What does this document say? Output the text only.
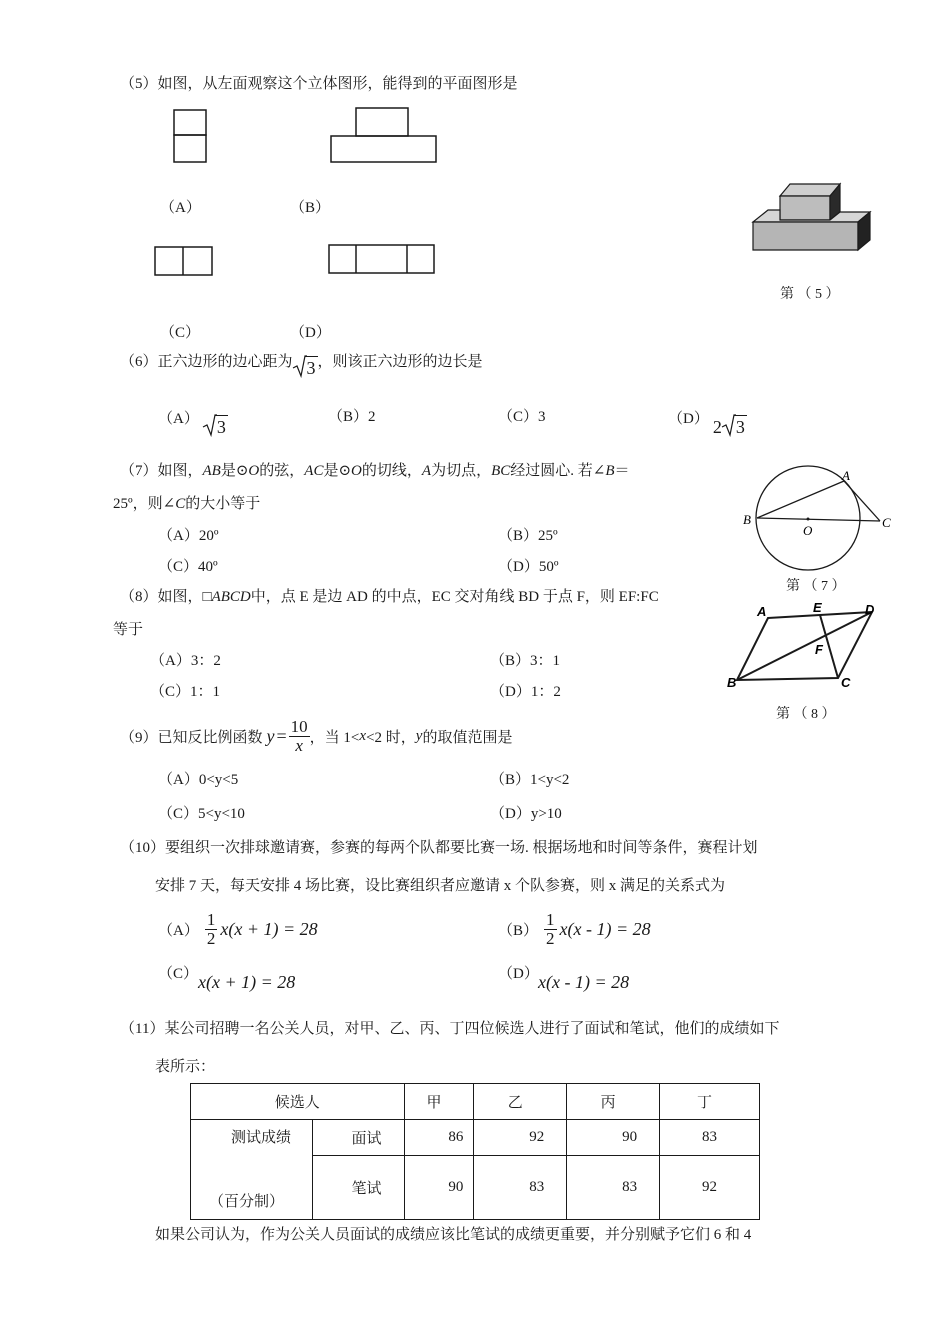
（5）如图，从左面观察这个立体图形，能得到的平面图形是
（A）	（B）
（C）	（D）
第 （ 5 ）
（6）正六边形的边心距为 3 ，则该正六边形的边长是
（A） 3	（B）2	（C）3	（D） 2 3
（7）如图，AB是⊙O的弦，AC是⊙O的切线，A为切点，BC经过圆心. 若∠B＝
25º，则∠C的大小等于
（A）20º	（B）25º
（C）40º	（D）50º
A
B	C
O
第 （ 7 ）
（8）如图，□ABCD中，点 E 是边 AD 的中点，EC 交对角线 BD 于点 F，则 EF:FC
等于
（A）3：2	（B）3：1
（C）1：1	（D）1：2
A	E	D
F
B	C
第 （ 8 ）
（9）已知反比例函数 $y = \frac{10}{x}$ ，当 1< x <2 时， y 的取值范围是
（A）0<y<5	（B）1<y<2
（C）5<y<10	（D）y>10
（10）要组织一次排球邀请赛，参赛的每两个队都要比赛一场. 根据场地和时间等条件，赛程计划
安排 7 天，每天安排 4 场比赛，设比赛组织者应邀请 x 个队参赛，则 x 满足的关系式为
$(A) \frac{1}{2} x(x + 1) = 28$	$(B) \frac{1}{2} x(x - 1) = 28$
（C） x(x + 1) = 28	（D） x(x - 1) = 28
（11）某公司招聘一名公关人员，对甲、乙、丙、丁四位候选人进行了面试和笔试，他们的成绩如下
表所示：
候选人		甲	乙	丙	丁

测试成绩
（百分制）	面试	86	92	90	83
	笔试	90	83	83	92
如果公司认为，作为公关人员面试的成绩应该比笔试的成绩更重要，并分别赋予它们 6 和 4
